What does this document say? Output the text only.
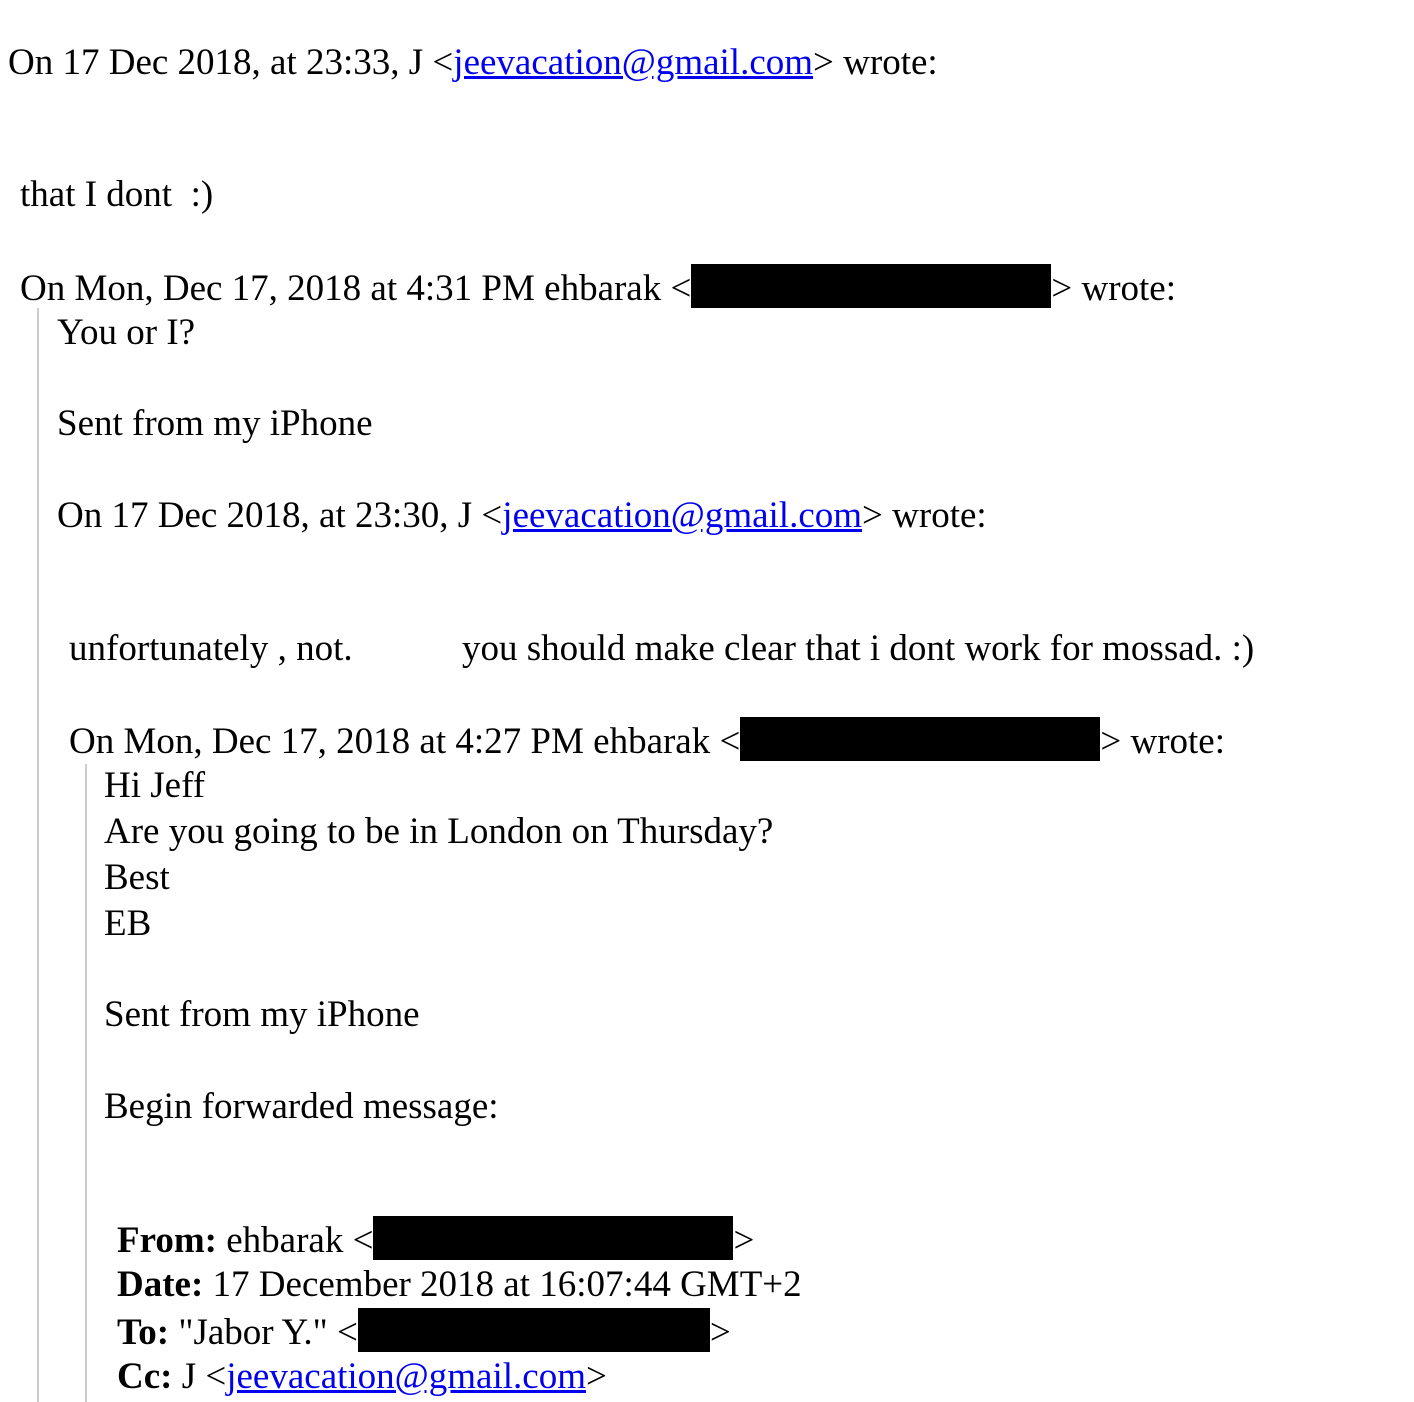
On 17 Dec 2018, at 23:33, J <jeevacation@gmail.com> wrote:
that I dont  :)
On Mon, Dec 17, 2018 at 4:31 PM ehbarak <	> wrote:
You or I?
Sent from my iPhone
On 17 Dec 2018, at 23:30, J <jeevacation@gmail.com> wrote:
unfortunately , not.	you should make clear that i dont work for mossad. :)
On Mon, Dec 17, 2018 at 4:27 PM ehbarak <	> wrote:
Hi Jeff
Are you going to be in London on Thursday?
Best
EB
Sent from my iPhone
Begin forwarded message:
From: ehbarak <	>
Date: 17 December 2018 at 16:07:44 GMT+2
To: "Jabor Y." <	>
Cc: J <jeevacation@gmail.com>
